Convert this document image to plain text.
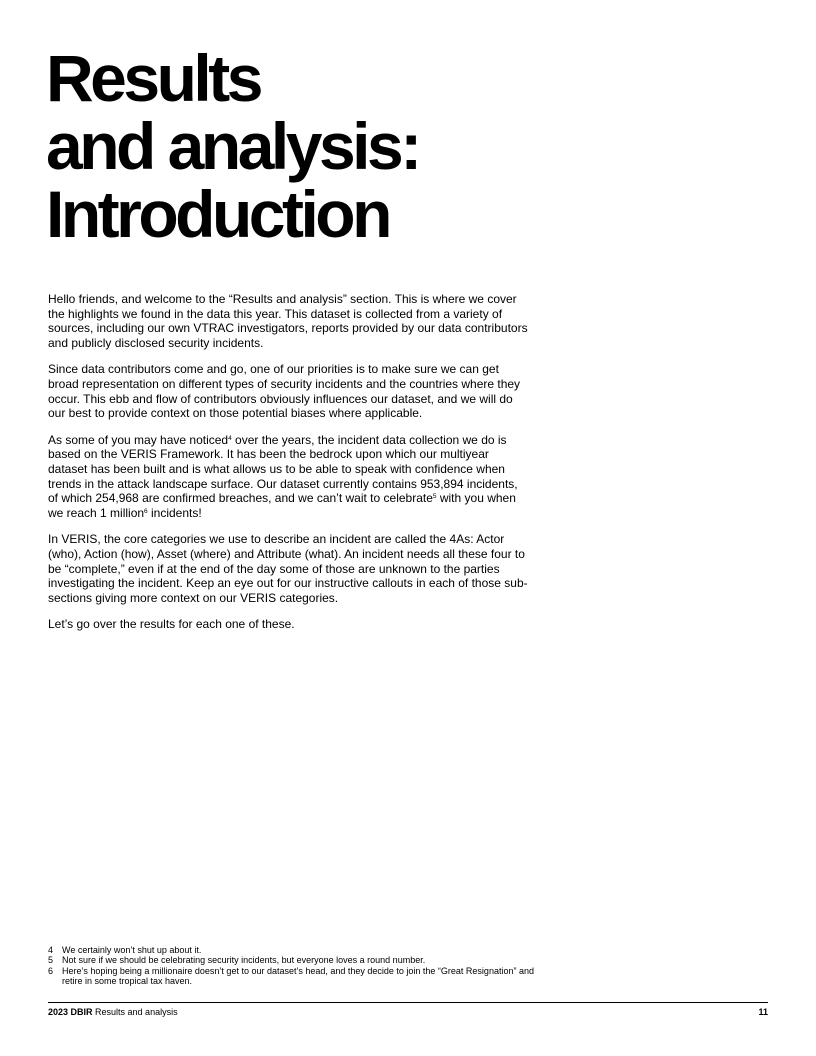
Results
and analysis:
Introduction

Hello friends, and welcome to the “Results and analysis” section. This is where we cover the highlights we found in the data this year. This dataset is collected from a variety of sources, including our own VTRAC investigators, reports provided by our data contributors and publicly disclosed security incidents.

Since data contributors come and go, one of our priorities is to make sure we can get broad representation on different types of security incidents and the countries where they occur. This ebb and flow of contributors obviously influences our dataset, and we will do our best to provide context on those potential biases where applicable.

As some of you may have noticed$^4$ over the years, the incident data collection we do is based on the VERIS Framework. It has been the bedrock upon which our multiyear dataset has been built and is what allows us to be able to speak with confidence when trends in the attack landscape surface. Our dataset currently contains 953,894 incidents, of which 254,968 are confirmed breaches, and we can’t wait to celebrate$^5$ with you when we reach 1 million$^6$ incidents!

In VERIS, the core categories we use to describe an incident are called the 4As: Actor (who), Action (how), Asset (where) and Attribute (what). An incident needs all these four to be “complete,” even if at the end of the day some of those are unknown to the parties investigating the incident. Keep an eye out for our instructive callouts in each of those sub-sections giving more context on our VERIS categories.

Let’s go over the results for each one of these.

4 We certainly won’t shut up about it.
5 Not sure if we should be celebrating security incidents, but everyone loves a round number.
6 Here’s hoping being a millionaire doesn’t get to our dataset’s head, and they decide to join the “Great Resignation” and retire in some tropical tax haven.
2023 DBIR Results and analysis	11
